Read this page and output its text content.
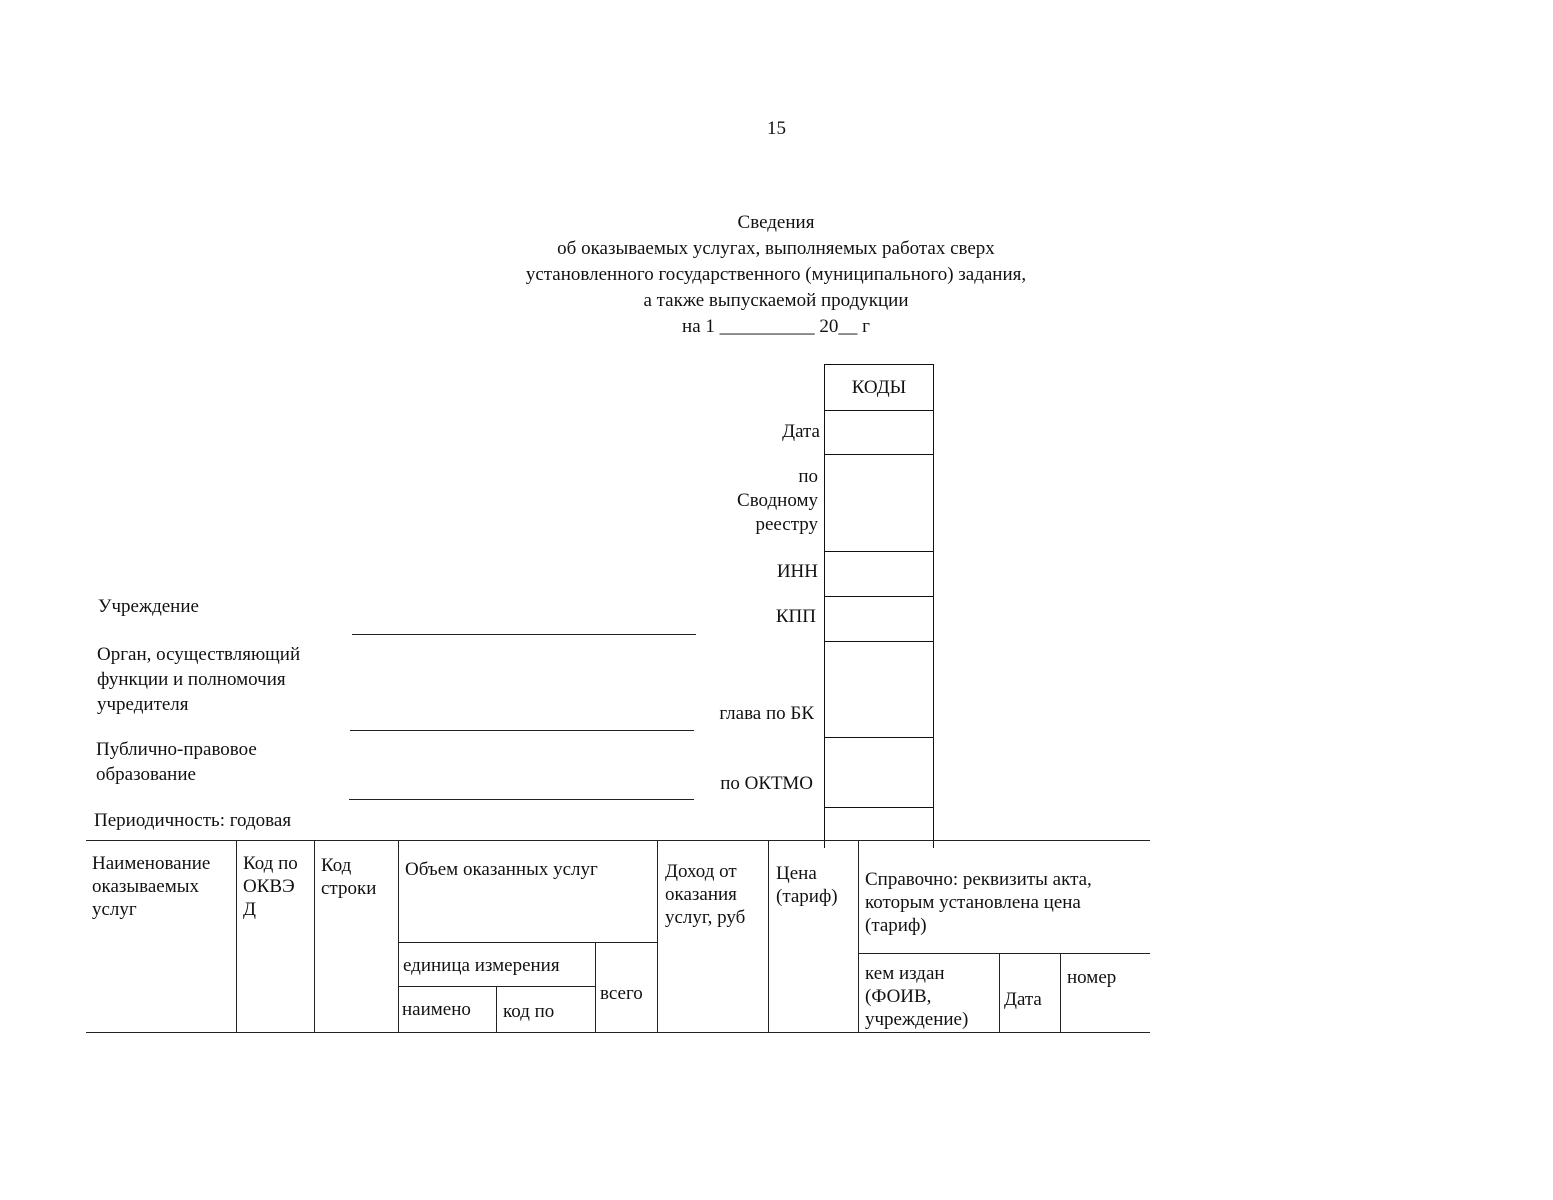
15
Сведения
об оказываемых услугах, выполняемых работах сверх
установленного государственного (муниципального) задания,
а также выпускаемой продукции
на 1 __________ 20__ г
КОДЫ
Дата
по
Сводному
реестру
ИНН
КПП
глава по БК
по ОКТМО
Учреждение
Орган, осуществляющий
функции и полномочия
учредителя
Публично-правовое
образование
Периодичность: годовая
Наименование
оказываемых
услуг
Код по
ОКВЭ
Д
Код
строки
Объем оказанных услуг
единица измерения
наимено код по
всего
Доход от
оказания
услуг, руб
Цена
(тариф)
Справочно: реквизиты акта,
которым установлена цена
(тариф)
кем издан
(ФОИВ,
учреждение)
Дата
номер
